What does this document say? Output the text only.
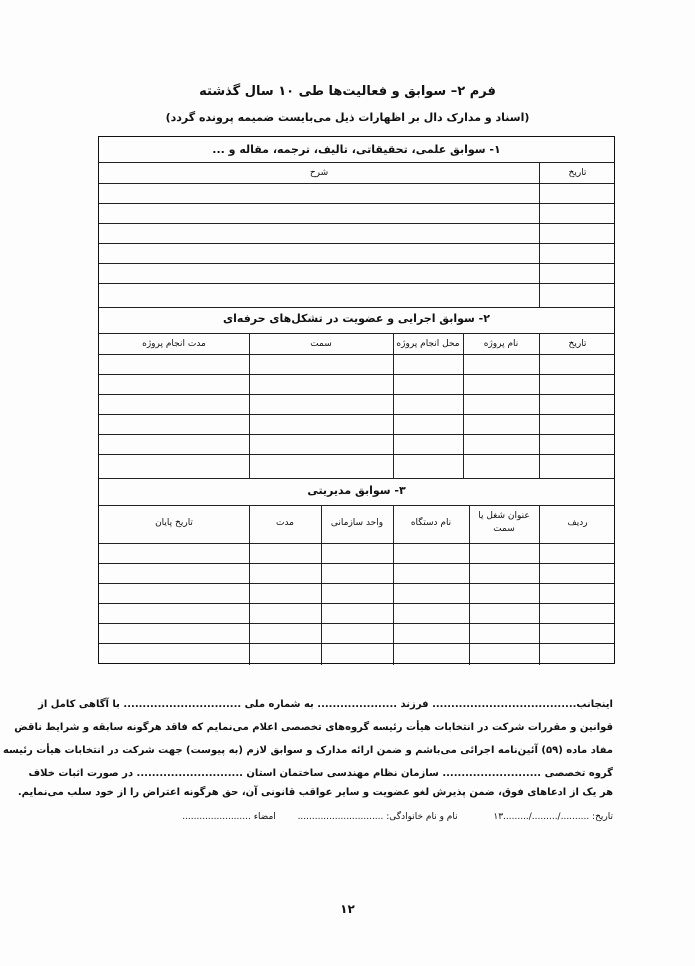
فرم ۲– سوابق و فعالیت‌ها طی ۱۰ سال گذشته
(اسناد و مدارک دال بر اظهارات ذیل می‌بایست ضمیمه پرونده گردد)
۱- سوابق علمی، تحقیقاتی، تالیف، ترجمه، مقاله و ...
تاریخ
شرح
۲- سوابق اجرایی و عضویت در تشکل‌های حرفه‌ای
تاریخ
نام پروژه
محل انجام پروژه
سمت
مدت انجام پروژه
۳- سوابق مدیریتی
ردیف
عنوان شغل یا سمت
نام دستگاه
واحد سازمانی
مدت
تاریخ پایان
اینجانب...................................... فرزند ..................... به شماره ملی ............................... با آگاهی کامل از
قوانین و مقررات شرکت در انتخابات هیأت رئیسه گروه‌های تخصصی اعلام می‌نمایم که فاقد هرگونه سابقه و شرایط ناقض
مفاد ماده (۵۹) آئین‌نامه اجرائی می‌باشم و ضمن ارائه مدارک و سوابق لازم (به پیوست) جهت شرکت در انتخابات هیأت رئیسه
گروه تخصصی .......................... سازمان نظام مهندسی ساختمان استان ............................ در صورت اثبات خلاف
هر یک از ادعاهای فوق، ضمن پذیرش لغو عضویت و سایر عواقب قانونی آن، حق هرگونه اعتراض را از خود سلب می‌نمایم.
تاریخ: ........../........./.........۱۳  نام و نام خانوادگی: ..............................  امضاء ........................
۱۲
